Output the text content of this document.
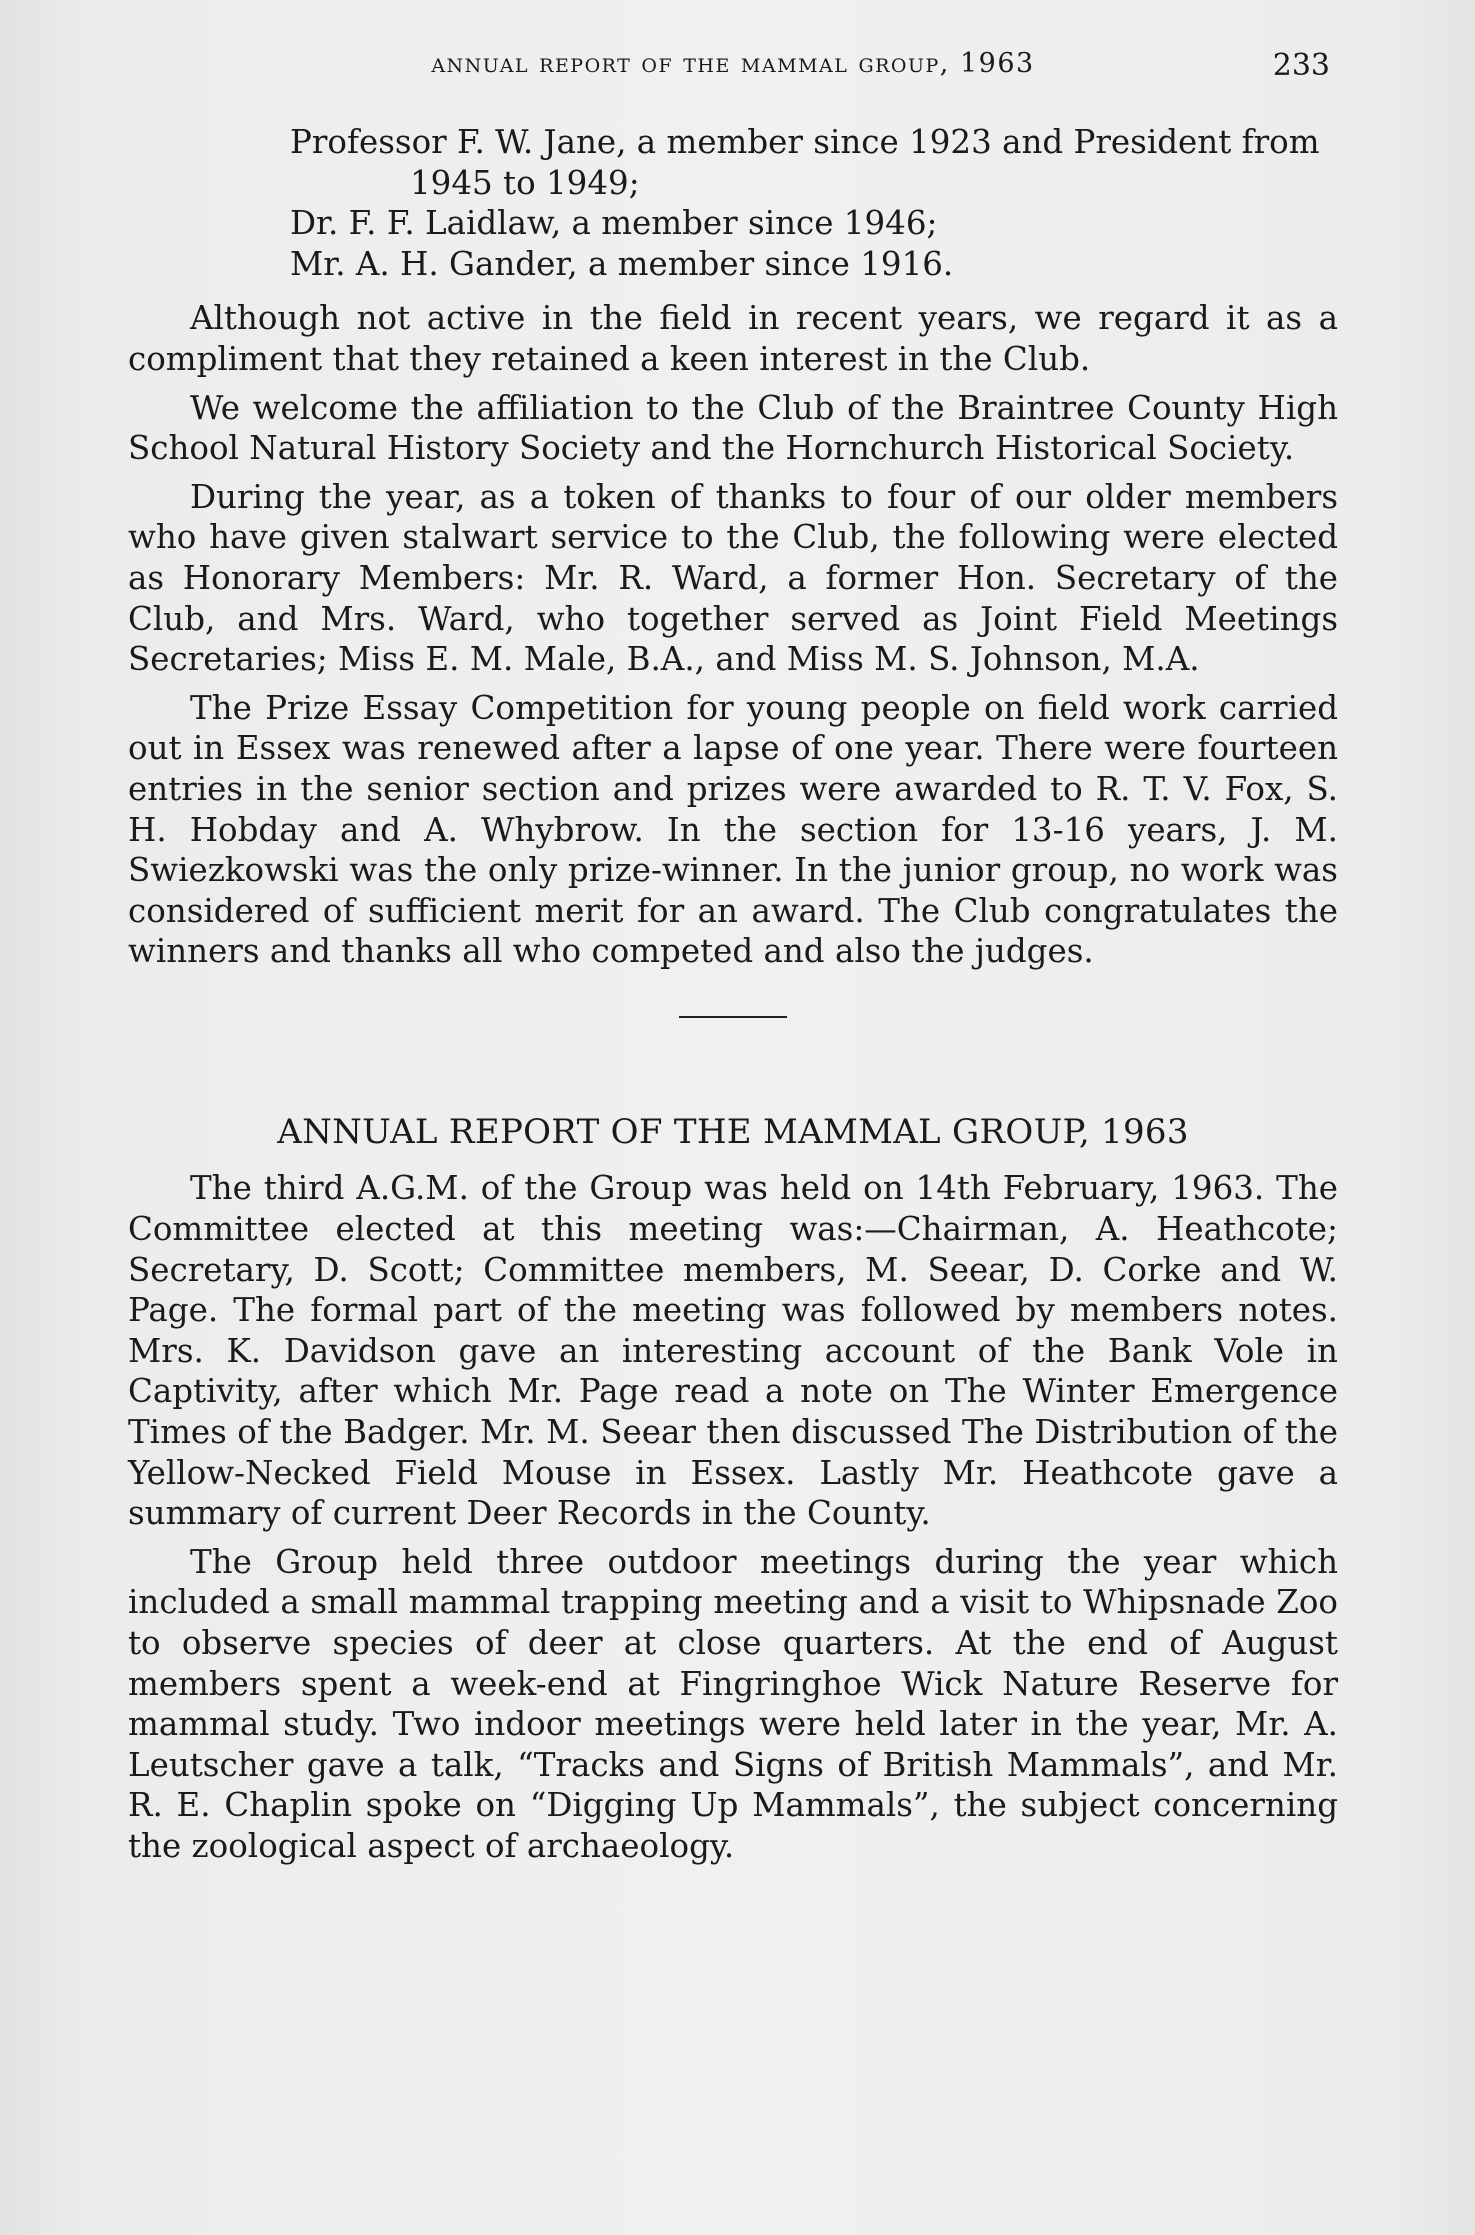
annual report of the mammal group, 1963	233
Professor F. W. Jane, a member since 1923 and President from 1945 to 1949;
Dr. F. F. Laidlaw, a member since 1946;
Mr. A. H. Gander, a member since 1916.

Although not active in the field in recent years, we regard it as a compliment that they retained a keen interest in the Club.

We welcome the affiliation to the Club of the Braintree County High School Natural History Society and the Hornchurch Historical Society.

During the year, as a token of thanks to four of our older members who have given stalwart service to the Club, the following were elected as Honorary Members: Mr. R. Ward, a former Hon. Secretary of the Club, and Mrs. Ward, who together served as Joint Field Meetings Secretaries; Miss E. M. Male, B.A., and Miss M. S. Johnson, M.A.

The Prize Essay Competition for young people on field work carried out in Essex was renewed after a lapse of one year. There were fourteen entries in the senior section and prizes were awarded to R. T. V. Fox, S. H. Hobday and A. Whybrow. In the section for 13-16 years, J. M. Swiezkowski was the only prize-winner. In the junior group, no work was considered of sufficient merit for an award. The Club congratulates the winners and thanks all who competed and also the judges.

ANNUAL REPORT OF THE MAMMAL GROUP, 1963

The third A.G.M. of the Group was held on 14th February, 1963. The Committee elected at this meeting was:—Chairman, A. Heathcote; Secretary, D. Scott; Committee members, M. Seear, D. Corke and W. Page. The formal part of the meeting was followed by members notes. Mrs. K. Davidson gave an interesting account of the Bank Vole in Captivity, after which Mr. Page read a note on The Winter Emergence Times of the Badger. Mr. M. Seear then discussed The Distribution of the Yellow-Necked Field Mouse in Essex. Lastly Mr. Heathcote gave a summary of current Deer Records in the County.

The Group held three outdoor meetings during the year which included a small mammal trapping meeting and a visit to Whipsnade Zoo to observe species of deer at close quarters. At the end of August members spent a week-end at Fingringhoe Wick Nature Reserve for mammal study. Two indoor meetings were held later in the year, Mr. A. Leutscher gave a talk, “Tracks and Signs of British Mammals”, and Mr. R. E. Chaplin spoke on “Digging Up Mammals”, the subject concerning the zoological aspect of archaeology.
